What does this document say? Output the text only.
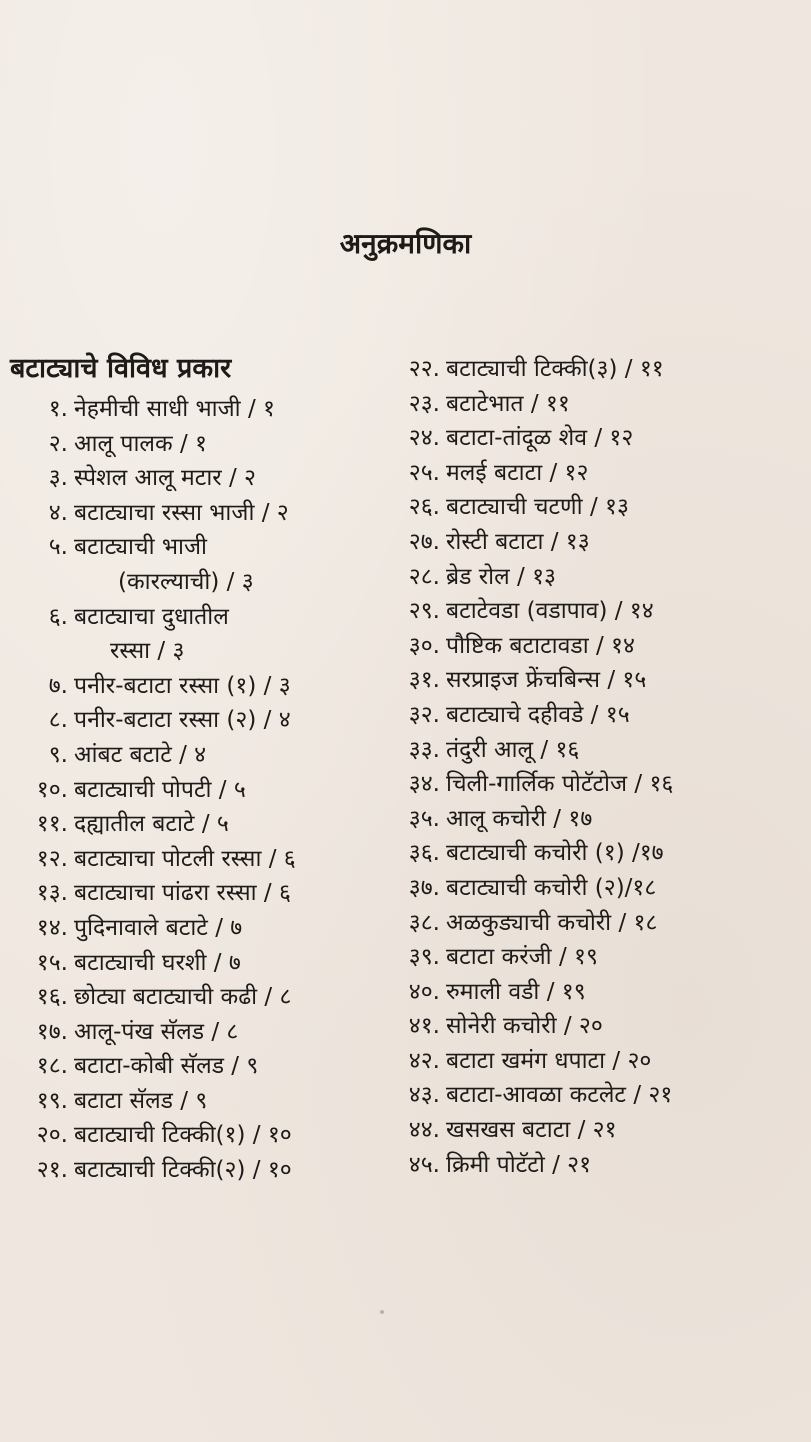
अनुक्रमणिका
बटाट्याचे विविध प्रकार
१. नेहमीची साधी भाजी / १
२. आलू पालक / १
३. स्पेशल आलू मटार / २
४. बटाट्याचा रस्सा भाजी / २
५. बटाट्याची भाजी
(कारल्याची) / ३
६. बटाट्याचा दुधातील
रस्सा / ३
७. पनीर-बटाटा रस्सा (१) / ३
८. पनीर-बटाटा रस्सा (२) / ४
९. आंबट बटाटे / ४
१०. बटाट्याची पोपटी / ५
११. दह्यातील बटाटे / ५
१२. बटाट्याचा पोटली रस्सा / ६
१३. बटाट्याचा पांढरा रस्सा / ६
१४. पुदिनावाले बटाटे / ७
१५. बटाट्याची घरशी / ७
१६. छोट्या बटाट्याची कढी / ८
१७. आलू-पंख सॅलड / ८
१८. बटाटा-कोबी सॅलड / ९
१९. बटाटा सॅलड / ९
२०. बटाट्याची टिक्की(१) / १०
२१. बटाट्याची टिक्की(२) / १०
२२. बटाट्याची टिक्की(३) / ११
२३. बटाटेभात / ११
२४. बटाटा-तांदूळ शेव / १२
२५. मलई बटाटा / १२
२६. बटाट्याची चटणी / १३
२७. रोस्टी बटाटा / १३
२८. ब्रेड रोल / १३
२९. बटाटेवडा (वडापाव) / १४
३०. पौष्टिक बटाटावडा / १४
३१. सरप्राइज फ्रेंचबिन्स / १५
३२. बटाट्याचे दहीवडे / १५
३३. तंदुरी आलू / १६
३४. चिली-गार्लिक पोटॅटोज / १६
३५. आलू कचोरी / १७
३६. बटाट्याची कचोरी (१) /१७
३७. बटाट्याची कचोरी (२)/१८
३८. अळकुड्याची कचोरी / १८
३९. बटाटा करंजी / १९
४०. रुमाली वडी / १९
४१. सोनेरी कचोरी / २०
४२. बटाटा खमंग धपाटा / २०
४३. बटाटा-आवळा कटलेट / २१
४४. खसखस बटाटा / २१
४५. क्रिमी पोटॅटो / २१
